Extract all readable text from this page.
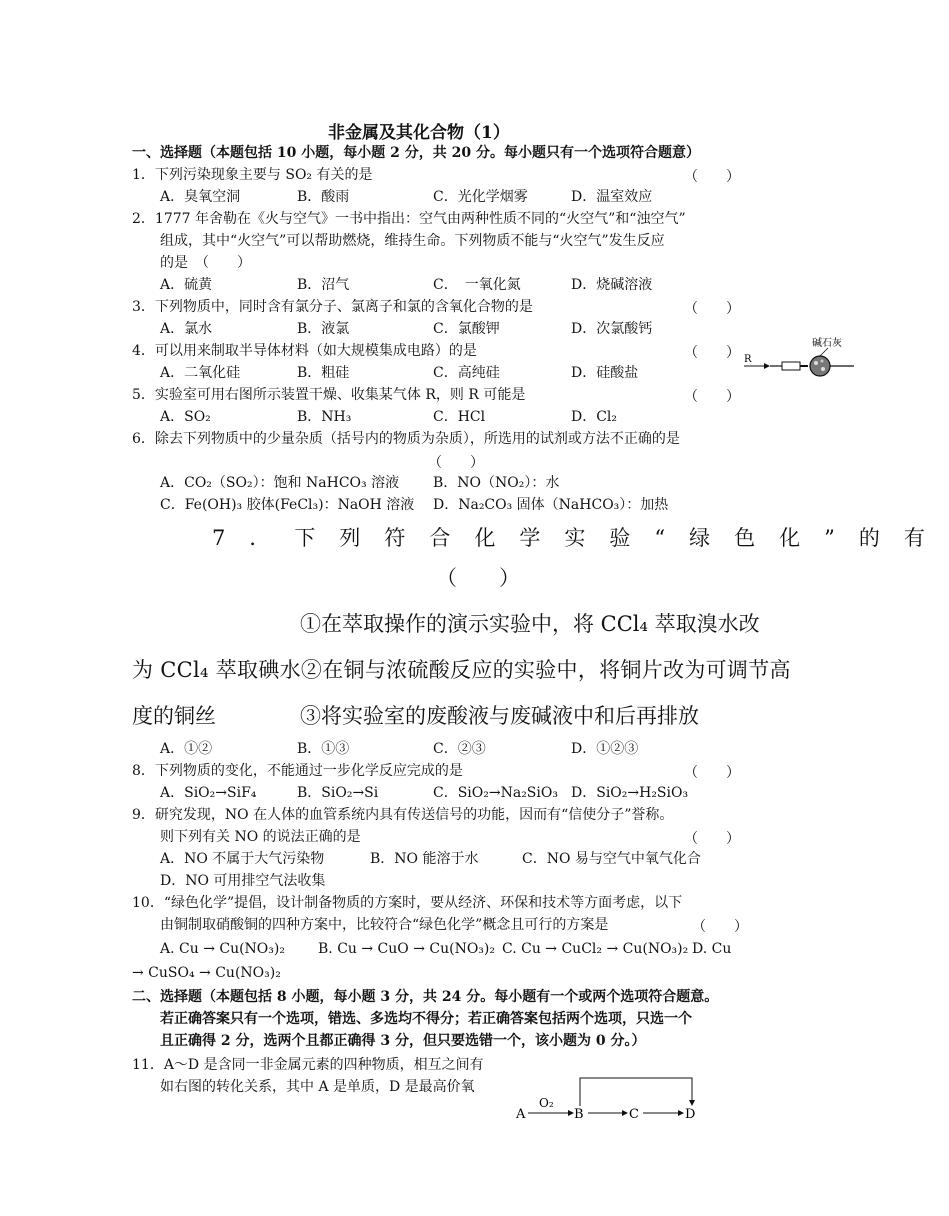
非金属及其化合物（1）
一、选择题（本题包括 10 小题，每小题 2 分，共 20 分。每小题只有一个选项符合题意）
1．下列污染现象主要与 SO₂ 有关的是	（　　）
A．臭氧空洞	B．酸雨	C．光化学烟雾	D．温室效应
2．1777 年舍勒在《火与空气》一书中指出：空气由两种性质不同的“火空气”和“浊空气”
组成，其中“火空气”可以帮助燃烧，维持生命。下列物质不能与“火空气”发生反应
的是　（　　）
A．硫黄	B．沼气	C．　一氧化氮	D．烧碱溶液
3．下列物质中，同时含有氯分子、氯离子和氯的含氧化合物的是	（　　）
A．氯水	B．液氯	C．氯酸钾	D．次氯酸钙
4．可以用来制取半导体材料（如大规模集成电路）的是	（　　）
A．二氧化硅	B．粗硅	C．高纯硅	D．硅酸盐
R
碱石灰
5．实验室可用右图所示装置干燥、收集某气体 R，则 R 可能是	（　　）
A．SO₂	B．NH₃	C．HCl	D．Cl₂
6．除去下列物质中的少量杂质（括号内的物质为杂质），所选用的试剂或方法不正确的是
（　　）
A．CO₂（SO₂）：饱和 NaHCO₃ 溶液 B．NO（NO₂）：水
C．Fe(OH)₃ 胶体(FeCl₃)：NaOH 溶液 D．Na₂CO₃ 固体（NaHCO₃）：加热
7．下列符合化学实验“绿色化”的有
（　　）
①在萃取操作的演示实验中，将 CCl₄ 萃取溴水改
为 CCl₄ 萃取碘水②在铜与浓硫酸反应的实验中，将铜片改为可调节高
度的铜丝　　　　③将实验室的废酸液与废碱液中和后再排放
A．①②	B．①③	C．②③	D．①②③
8．下列物质的变化，不能通过一步化学反应完成的是	（　　）
A．SiO₂→SiF₄	B．SiO₂→Si	C．SiO₂→Na₂SiO₃ D．SiO₂→H₂SiO₃
9．研究发现，NO 在人体的血管系统内具有传送信号的功能，因而有“信使分子”誉称。
则下列有关 NO 的说法正确的是	（　　）
A．NO 不属于大气污染物	B．NO 能溶于水	C．NO 易与空气中氧气化合
D．NO 可用排空气法收集
10．“绿色化学”提倡，设计制备物质的方案时，要从经济、环保和技术等方面考虑，以下
由铜制取硝酸铜的四种方案中，比较符合“绿色化学”概念且可行的方案是	（　　）
A. Cu → Cu(NO₃)₂ B. Cu → CuO → Cu(NO₃)₂ C. Cu → CuCl₂ → Cu(NO₃)₂ D. Cu
→ CuSO₄ → Cu(NO₃)₂
二、选择题（本题包括 8 小题，每小题 3 分，共 24 分。每小题有一个或两个选项符合题意。
若正确答案只有一个选项，错选、多选均不得分；若正确答案包括两个选项，只选一个
且正确得 2 分，选两个且都正确得 3 分，但只要选错一个，该小题为 0 分。）
11．A～D 是含同一非金属元素的四种物质，相互之间有
如右图的转化关系，其中 A 是单质，D 是最高价氧
A
O₂
B	C	D
